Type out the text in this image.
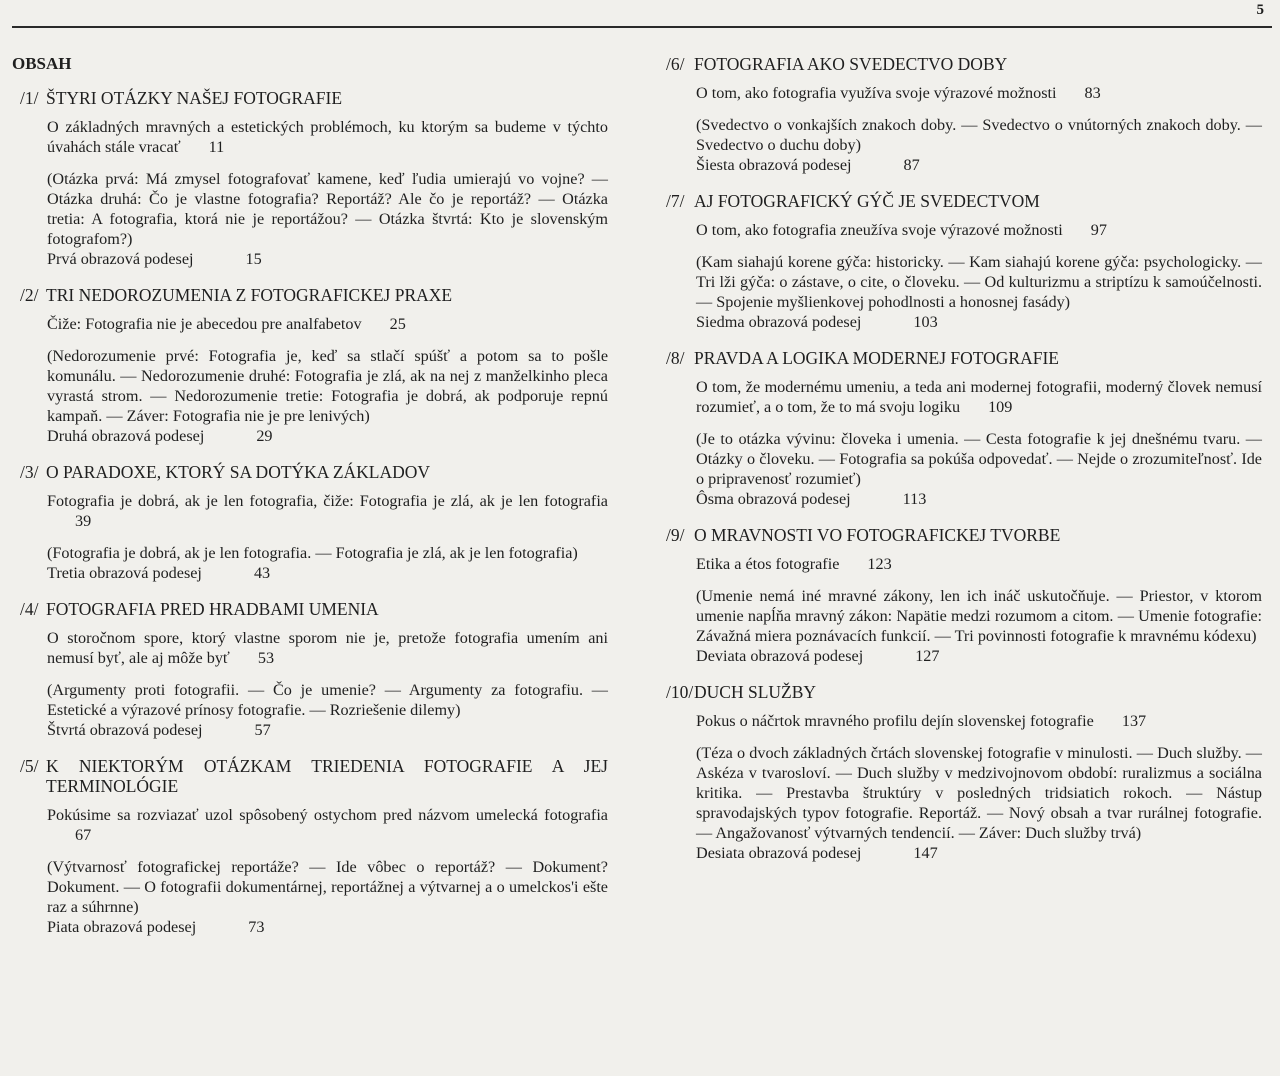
5
OBSAH
/1/ ŠTYRI OTÁZKY NAŠEJ FOTOGRAFIE
O základných mravných a estetických problémoch, ku ktorým sa budeme v týchto úvahách stále vracať 11
(Otázka prvá: Má zmysel fotografovať kamene, keď ľudia umierajú vo vojne? — Otázka druhá: Čo je vlastne fotografia? Reportáž? Ale čo je reportáž? — Otázka tretia: A fotografia, ktorá nie je reportážou? — Otázka štvrtá: Kto je slovenským fotografom?)
Prvá obrazová podesej	15
/2/ TRI NEDOROZUMENIA Z FOTOGRAFICKEJ PRAXE
Čiže: Fotografia nie je abecedou pre analfabetov 25
(Nedorozumenie prvé: Fotografia je, keď sa stlačí spúšť a potom sa to pošle komunálu. — Nedorozumenie druhé: Fotografia je zlá, ak na nej z manželkinho pleca vyrastá strom. — Nedorozumenie tretie: Fotografia je dobrá, ak podporuje repnú kampaň. — Záver: Fotografia nie je pre lenivých)
Druhá obrazová podesej	29
/3/ O PARADOXE, KTORÝ SA DOTÝKA ZÁKLADOV
Fotografia je dobrá, ak je len fotografia, čiže: Fotografia je zlá, ak je len fotografia39
(Fotografia je dobrá, ak je len fotografia. — Fotografia je zlá, ak je len fotografia)
Tretia obrazová podesej	43
/4/ FOTOGRAFIA PRED HRADBAMI UMENIA
O storočnom spore, ktorý vlastne sporom nie je, pretože fotografia umením ani nemusí byť, ale aj môže byť 53
(Argumenty proti fotografii. — Čo je umenie? — Argumenty za fotografiu. — Estetické a výrazové prínosy fotografie. — Rozriešenie dilemy)
Štvrtá obrazová podesej	57
/5/ K NIEKTORÝM OTÁZKAM TRIEDENIA FOTOGRAFIE A JEJ TERMINOLÓGIE
Pokúsime sa rozviazať uzol spôsobený ostychom pred názvom umelecká fotografia67
(Výtvarnosť fotografickej reportáže? — Ide vôbec o reportáž? — Dokument? Dokument. — O fotografii dokumentárnej, reportážnej a výtvarnej a o umelckos'i ešte raz a súhrnne)
Piata obrazová podesej	73
/6/ FOTOGRAFIA AKO SVEDECTVO DOBY
O tom, ako fotografia využíva svoje výrazové možnosti 83
(Svedectvo o vonkajších znakoch doby. — Svedectvo o vnútorných znakoch doby. — Svedectvo o duchu doby)
Šiesta obrazová podesej	87
/7/ AJ FOTOGRAFICKÝ GÝČ JE SVEDECTVOM
O tom, ako fotografia zneužíva svoje výrazové možnosti 97
(Kam siahajú korene gýča: historicky. — Kam siahajú korene gýča: psychologicky. — Tri lži gýča: o zástave, o cite, o človeku. — Od kulturizmu a striptízu k samoúčelnosti. — Spojenie myšlienkovej pohodlnosti a honosnej fasády)
Siedma obrazová podesej	103
/8/ PRAVDA A LOGIKA MODERNEJ FOTOGRAFIE
O tom, že modernému umeniu, a teda ani modernej fotografii, moderný človek nemusí rozumieť, a o tom, že to má svoju logiku 109
(Je to otázka vývinu: človeka i umenia. — Cesta fotografie k jej dnešnému tvaru. — Otázky o človeku. — Fotografia sa pokúša odpovedať. — Nejde o zrozumiteľnosť. Ide o pripravenosť rozumieť)
Ôsma obrazová podesej	113
/9/ O MRAVNOSTI VO FOTOGRAFICKEJ TVORBE
Etika a étos fotografie 123
(Umenie nemá iné mravné zákony, len ich ináč uskutočňuje. — Priestor, v ktorom umenie napĺňa mravný zákon: Napätie medzi rozumom a citom. — Umenie fotografie: Závažná miera poznávacích funkcií. — Tri povinnosti fotografie k mravnému kódexu)
Deviata obrazová podesej	127
/10/ DUCH SLUŽBY
Pokus o náčrtok mravného profilu dejín slovenskej fotografie 137
(Téza o dvoch základných črtách slovenskej fotografie v minulosti. — Duch služby. — Askéza v tvarosloví. — Duch služby v medzivojnovom období: ruralizmus a sociálna kritika. — Prestavba štruktúry v posledných tridsiatich rokoch. — Nástup spravodajských typov fotografie. Reportáž. — Nový obsah a tvar rurálnej fotografie. — Angažovanosť výtvarných tendencií. — Záver: Duch služby trvá)
Desiata obrazová podesej	147
